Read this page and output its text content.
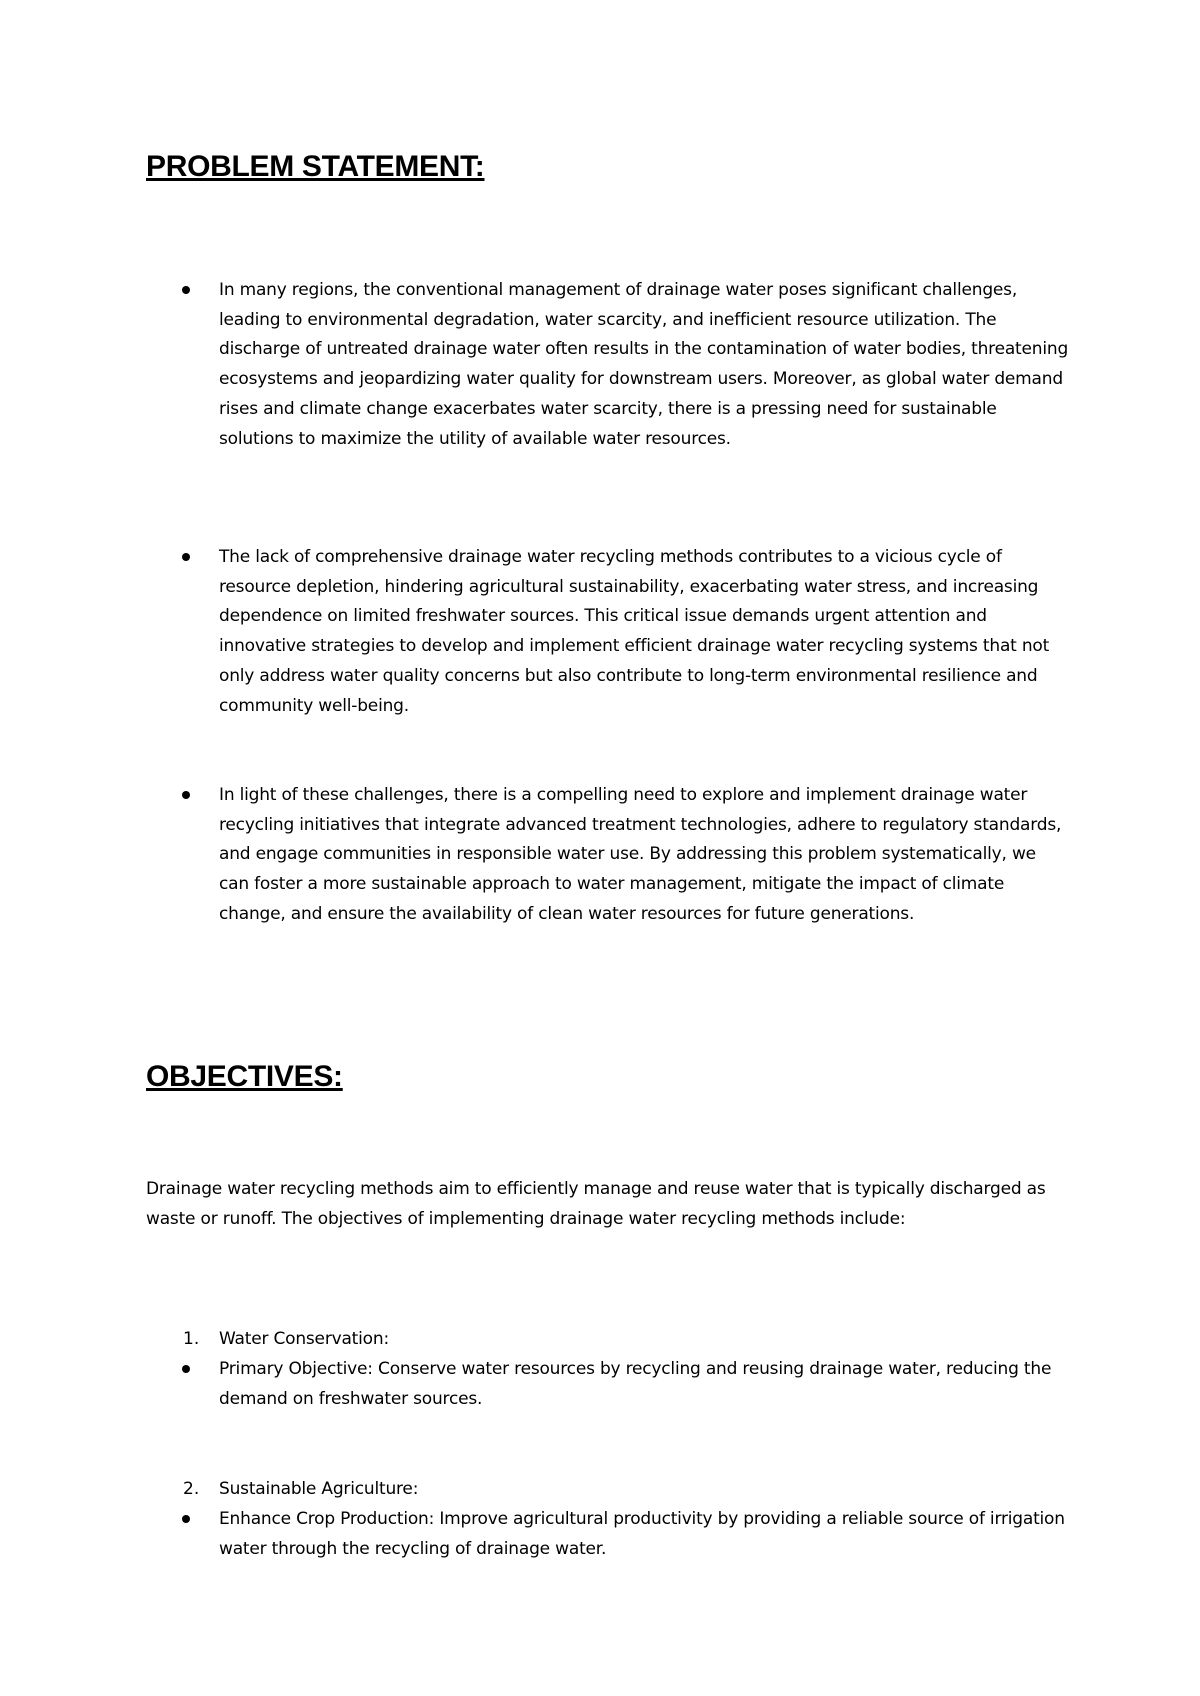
PROBLEM STATEMENT:

In many regions, the conventional management of drainage water poses significant challenges, leading to environmental degradation, water scarcity, and inefficient resource utilization. The discharge of untreated drainage water often results in the contamination of water bodies, threatening ecosystems and jeopardizing water quality for downstream users. Moreover, as global water demand rises and climate change exacerbates water scarcity, there is a pressing need for sustainable solutions to maximize the utility of available water resources.

The lack of comprehensive drainage water recycling methods contributes to a vicious cycle of resource depletion, hindering agricultural sustainability, exacerbating water stress, and increasing dependence on limited freshwater sources. This critical issue demands urgent attention and innovative strategies to develop and implement efficient drainage water recycling systems that not only address water quality concerns but also contribute to long-term environmental resilience and community well-being.

In light of these challenges, there is a compelling need to explore and implement drainage water recycling initiatives that integrate advanced treatment technologies, adhere to regulatory standards, and engage communities in responsible water use. By addressing this problem systematically, we can foster a more sustainable approach to water management, mitigate the impact of climate change, and ensure the availability of clean water resources for future generations.

OBJECTIVES:

Drainage water recycling methods aim to efficiently manage and reuse water that is typically discharged as waste or runoff. The objectives of implementing drainage water recycling methods include:

1. Water Conservation:

Primary Objective: Conserve water resources by recycling and reusing drainage water, reducing the demand on freshwater sources.

2. Sustainable Agriculture:

Enhance Crop Production: Improve agricultural productivity by providing a reliable source of irrigation water through the recycling of drainage water.
